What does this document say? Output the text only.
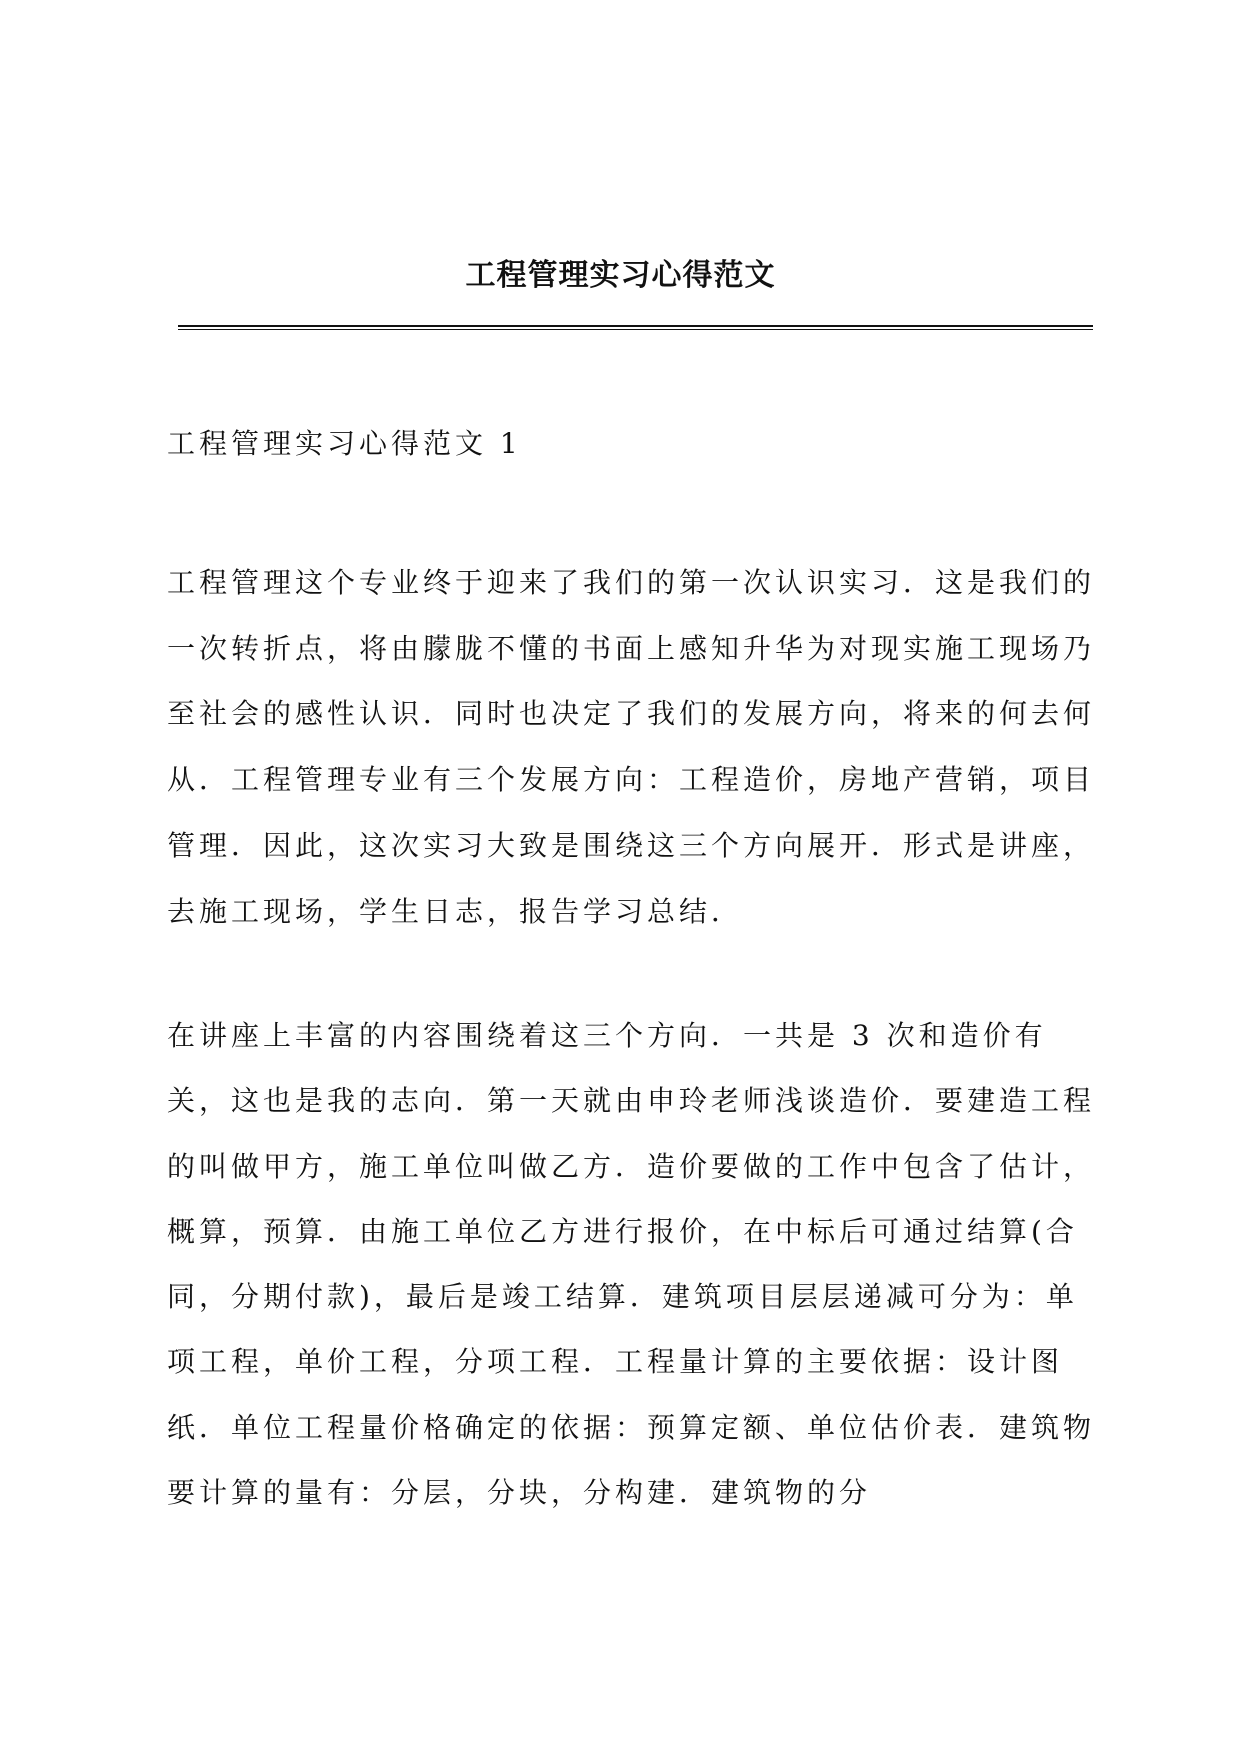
工程管理实习心得范文

工程管理实习心得范文 1

工程管理这个专业终于迎来了我们的第一次认识实习．这是我们的一次转折点，将由朦胧不懂的书面上感知升华为对现实施工现场乃至社会的感性认识．同时也决定了我们的发展方向，将来的何去何从．工程管理专业有三个发展方向：工程造价，房地产营销，项目管理．因此，这次实习大致是围绕这三个方向展开．形式是讲座，去施工现场，学生日志，报告学习总结．

在讲座上丰富的内容围绕着这三个方向．一共是 3 次和造价有关，这也是我的志向．第一天就由申玲老师浅谈造价．要建造工程的叫做甲方，施工单位叫做乙方．造价要做的工作中包含了估计，概算，预算．由施工单位乙方进行报价，在中标后可通过结算(合同，分期付款)，最后是竣工结算．建筑项目层层递减可分为：单项工程，单价工程，分项工程．工程量计算的主要依据：设计图纸．单位工程量价格确定的依据：预算定额、单位估价表．建筑物要计算的量有：分层，分块，分构建．建筑物的分
